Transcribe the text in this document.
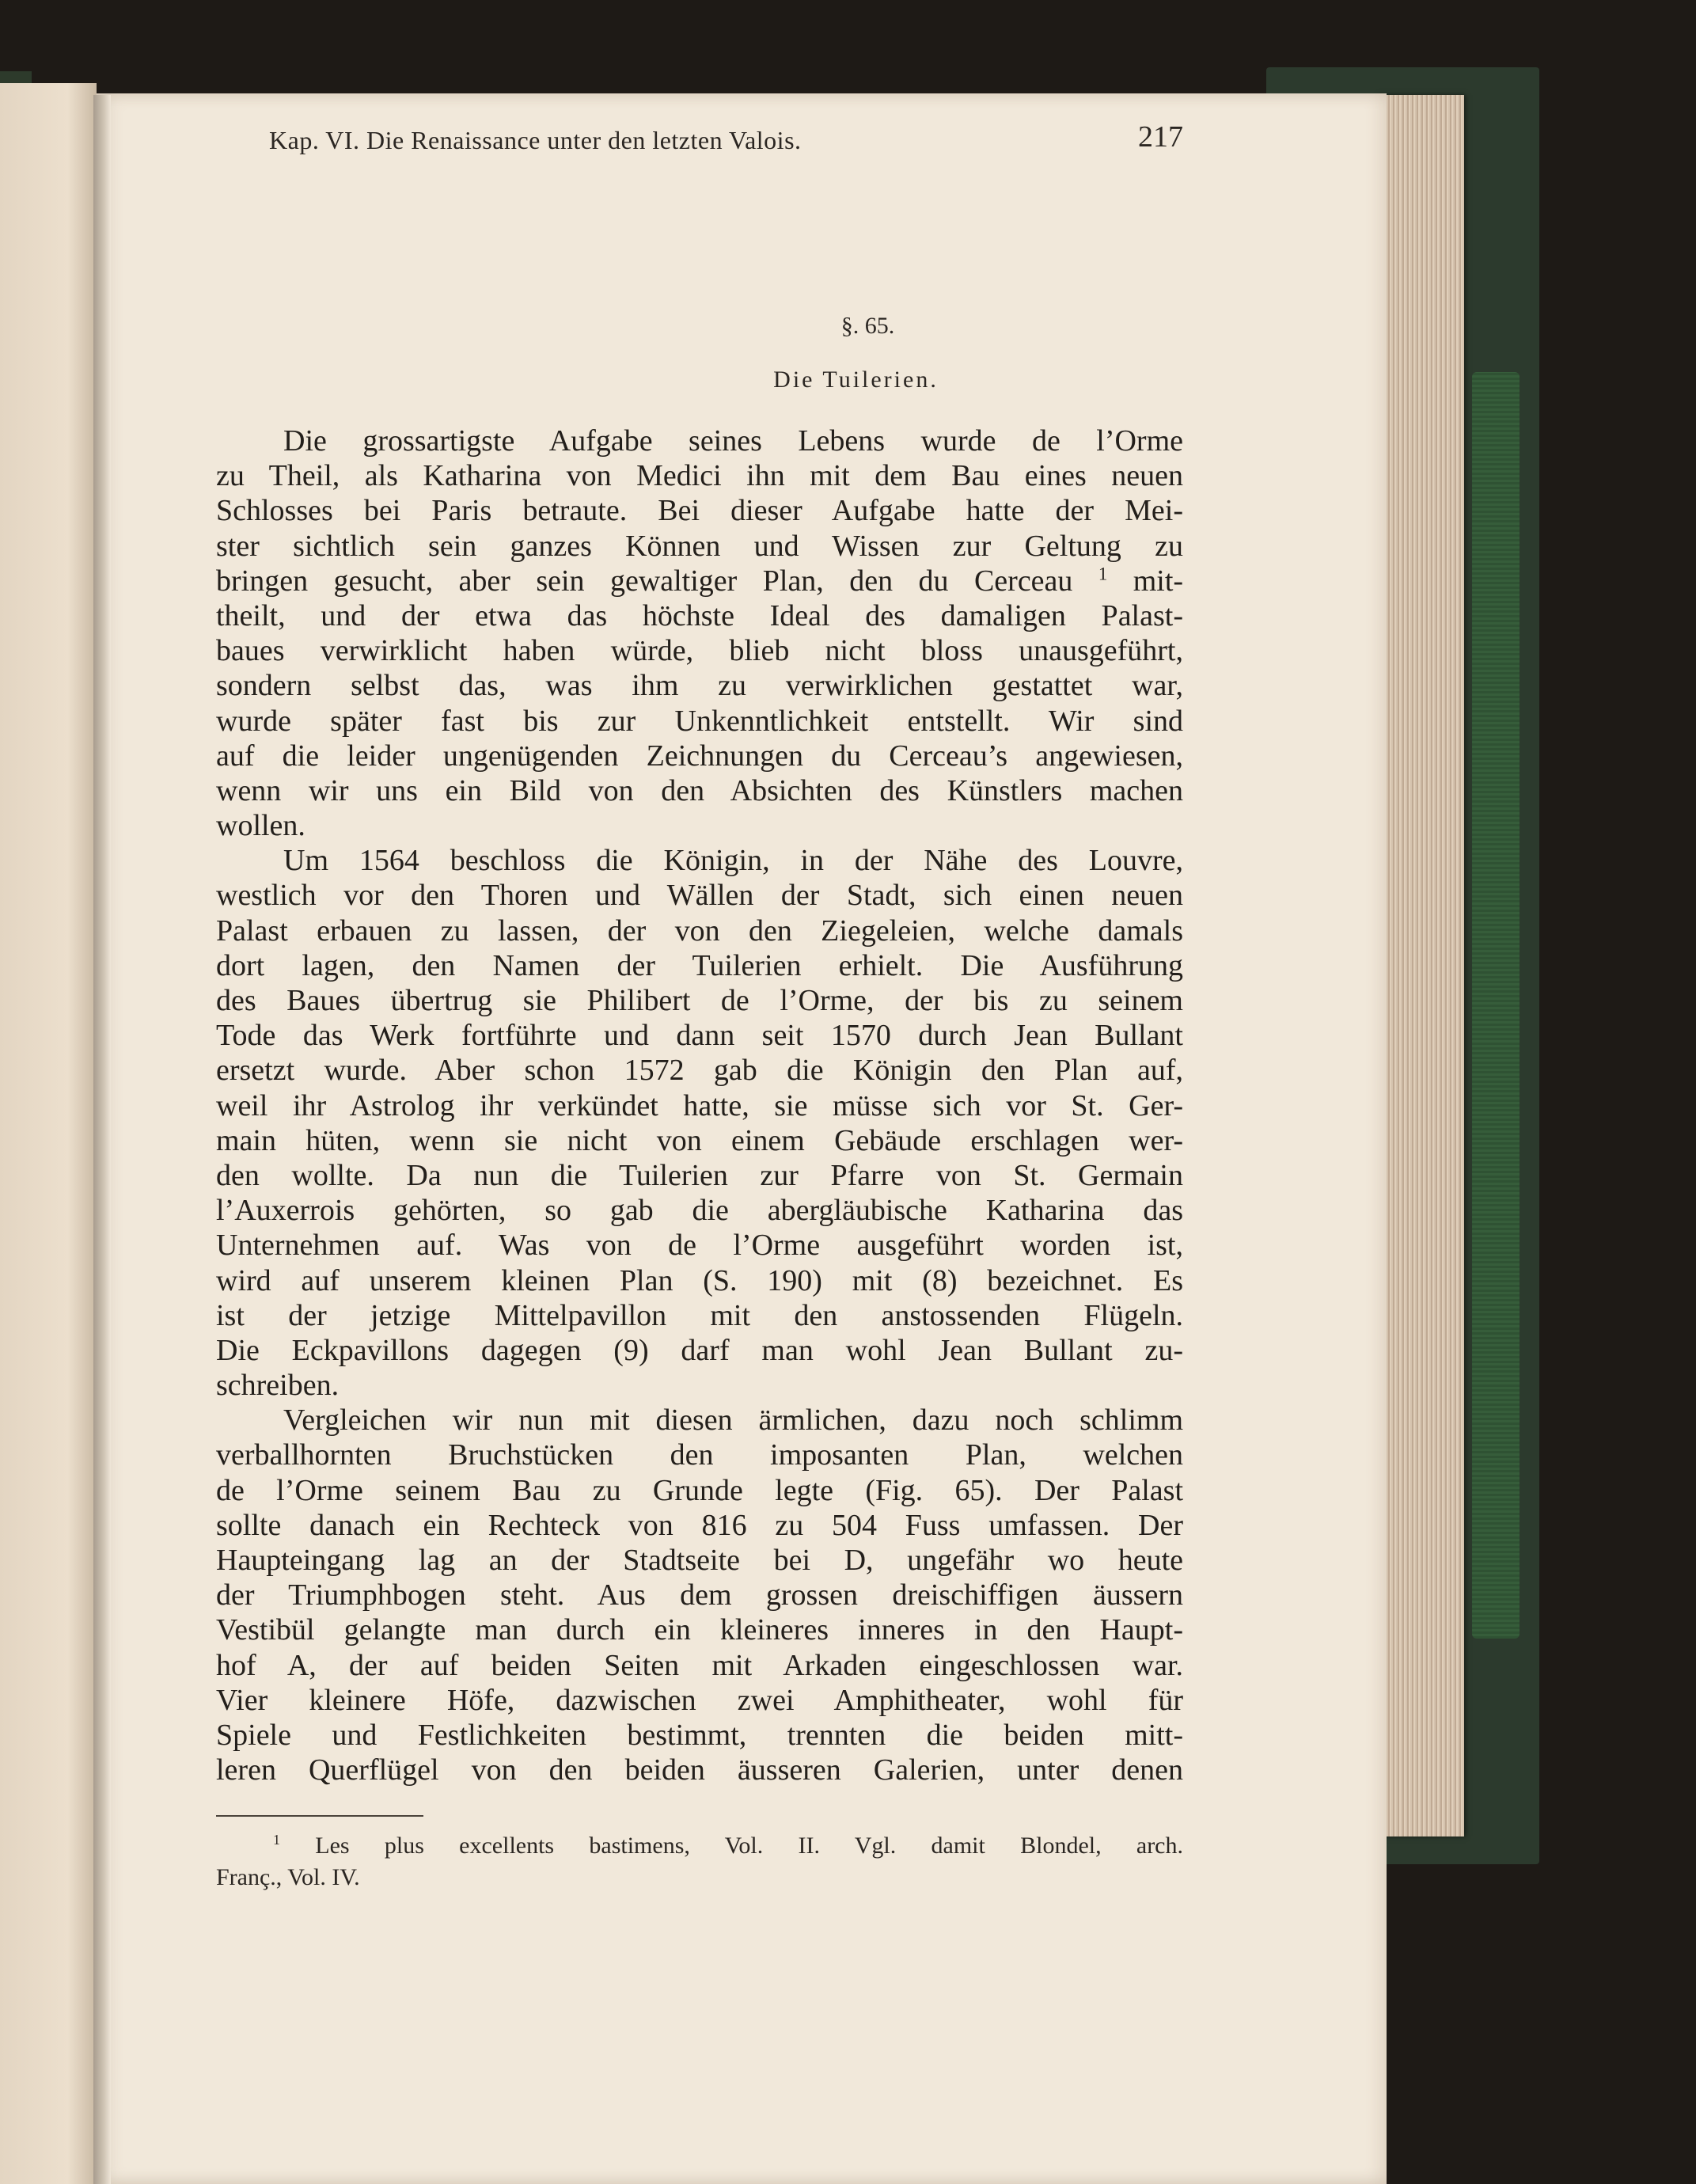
Kap. VI. Die Renaissance unter den letzten Valois.	217
§. 65.
Die Tuilerien.
Die grossartigste Aufgabe seines Lebens wurde de l’Orme
zu Theil, als Katharina von Medici ihn mit dem Bau eines neuen
Schlosses bei Paris betraute. Bei dieser Aufgabe hatte der Mei-
ster sichtlich sein ganzes Können und Wissen zur Geltung zu
bringen gesucht, aber sein gewaltiger Plan, den du Cerceau $^1$ mit-
theilt, und der etwa das höchste Ideal des damaligen Palast-
baues verwirklicht haben würde, blieb nicht bloss unausgeführt,
sondern selbst das, was ihm zu verwirklichen gestattet war,
wurde später fast bis zur Unkenntlichkeit entstellt. Wir sind
auf die leider ungenügenden Zeichnungen du Cerceau’s angewiesen,
wenn wir uns ein Bild von den Absichten des Künstlers machen
wollen.
Um 1564 beschloss die Königin, in der Nähe des Louvre,
westlich vor den Thoren und Wällen der Stadt, sich einen neuen
Palast erbauen zu lassen, der von den Ziegeleien, welche damals
dort lagen, den Namen der Tuilerien erhielt. Die Ausführung
des Baues übertrug sie Philibert de l’Orme, der bis zu seinem
Tode das Werk fortführte und dann seit 1570 durch Jean Bullant
ersetzt wurde. Aber schon 1572 gab die Königin den Plan auf,
weil ihr Astrolog ihr verkündet hatte, sie müsse sich vor St. Ger-
main hüten, wenn sie nicht von einem Gebäude erschlagen wer-
den wollte. Da nun die Tuilerien zur Pfarre von St. Germain
l’Auxerrois gehörten, so gab die abergläubische Katharina das
Unternehmen auf. Was von de l’Orme ausgeführt worden ist,
wird auf unserem kleinen Plan (S. 190) mit (8) bezeichnet. Es
ist der jetzige Mittelpavillon mit den anstossenden Flügeln.
Die Eckpavillons dagegen (9) darf man wohl Jean Bullant zu-
schreiben.
Vergleichen wir nun mit diesen ärmlichen, dazu noch schlimm
verballhornten Bruchstücken den imposanten Plan, welchen
de l’Orme seinem Bau zu Grunde legte (Fig. 65). Der Palast
sollte danach ein Rechteck von 816 zu 504 Fuss umfassen. Der
Haupteingang lag an der Stadtseite bei D, ungefähr wo heute
der Triumphbogen steht. Aus dem grossen dreischiffigen äussern
Vestibül gelangte man durch ein kleineres inneres in den Haupt-
hof A, der auf beiden Seiten mit Arkaden eingeschlossen war.
Vier kleinere Höfe, dazwischen zwei Amphitheater, wohl für
Spiele und Festlichkeiten bestimmt, trennten die beiden mitt-
leren Querflügel von den beiden äusseren Galerien, unter denen
$^1$ Les plus excellents bastimens, Vol. II. Vgl. damit Blondel, arch.
Franç., Vol. IV.
